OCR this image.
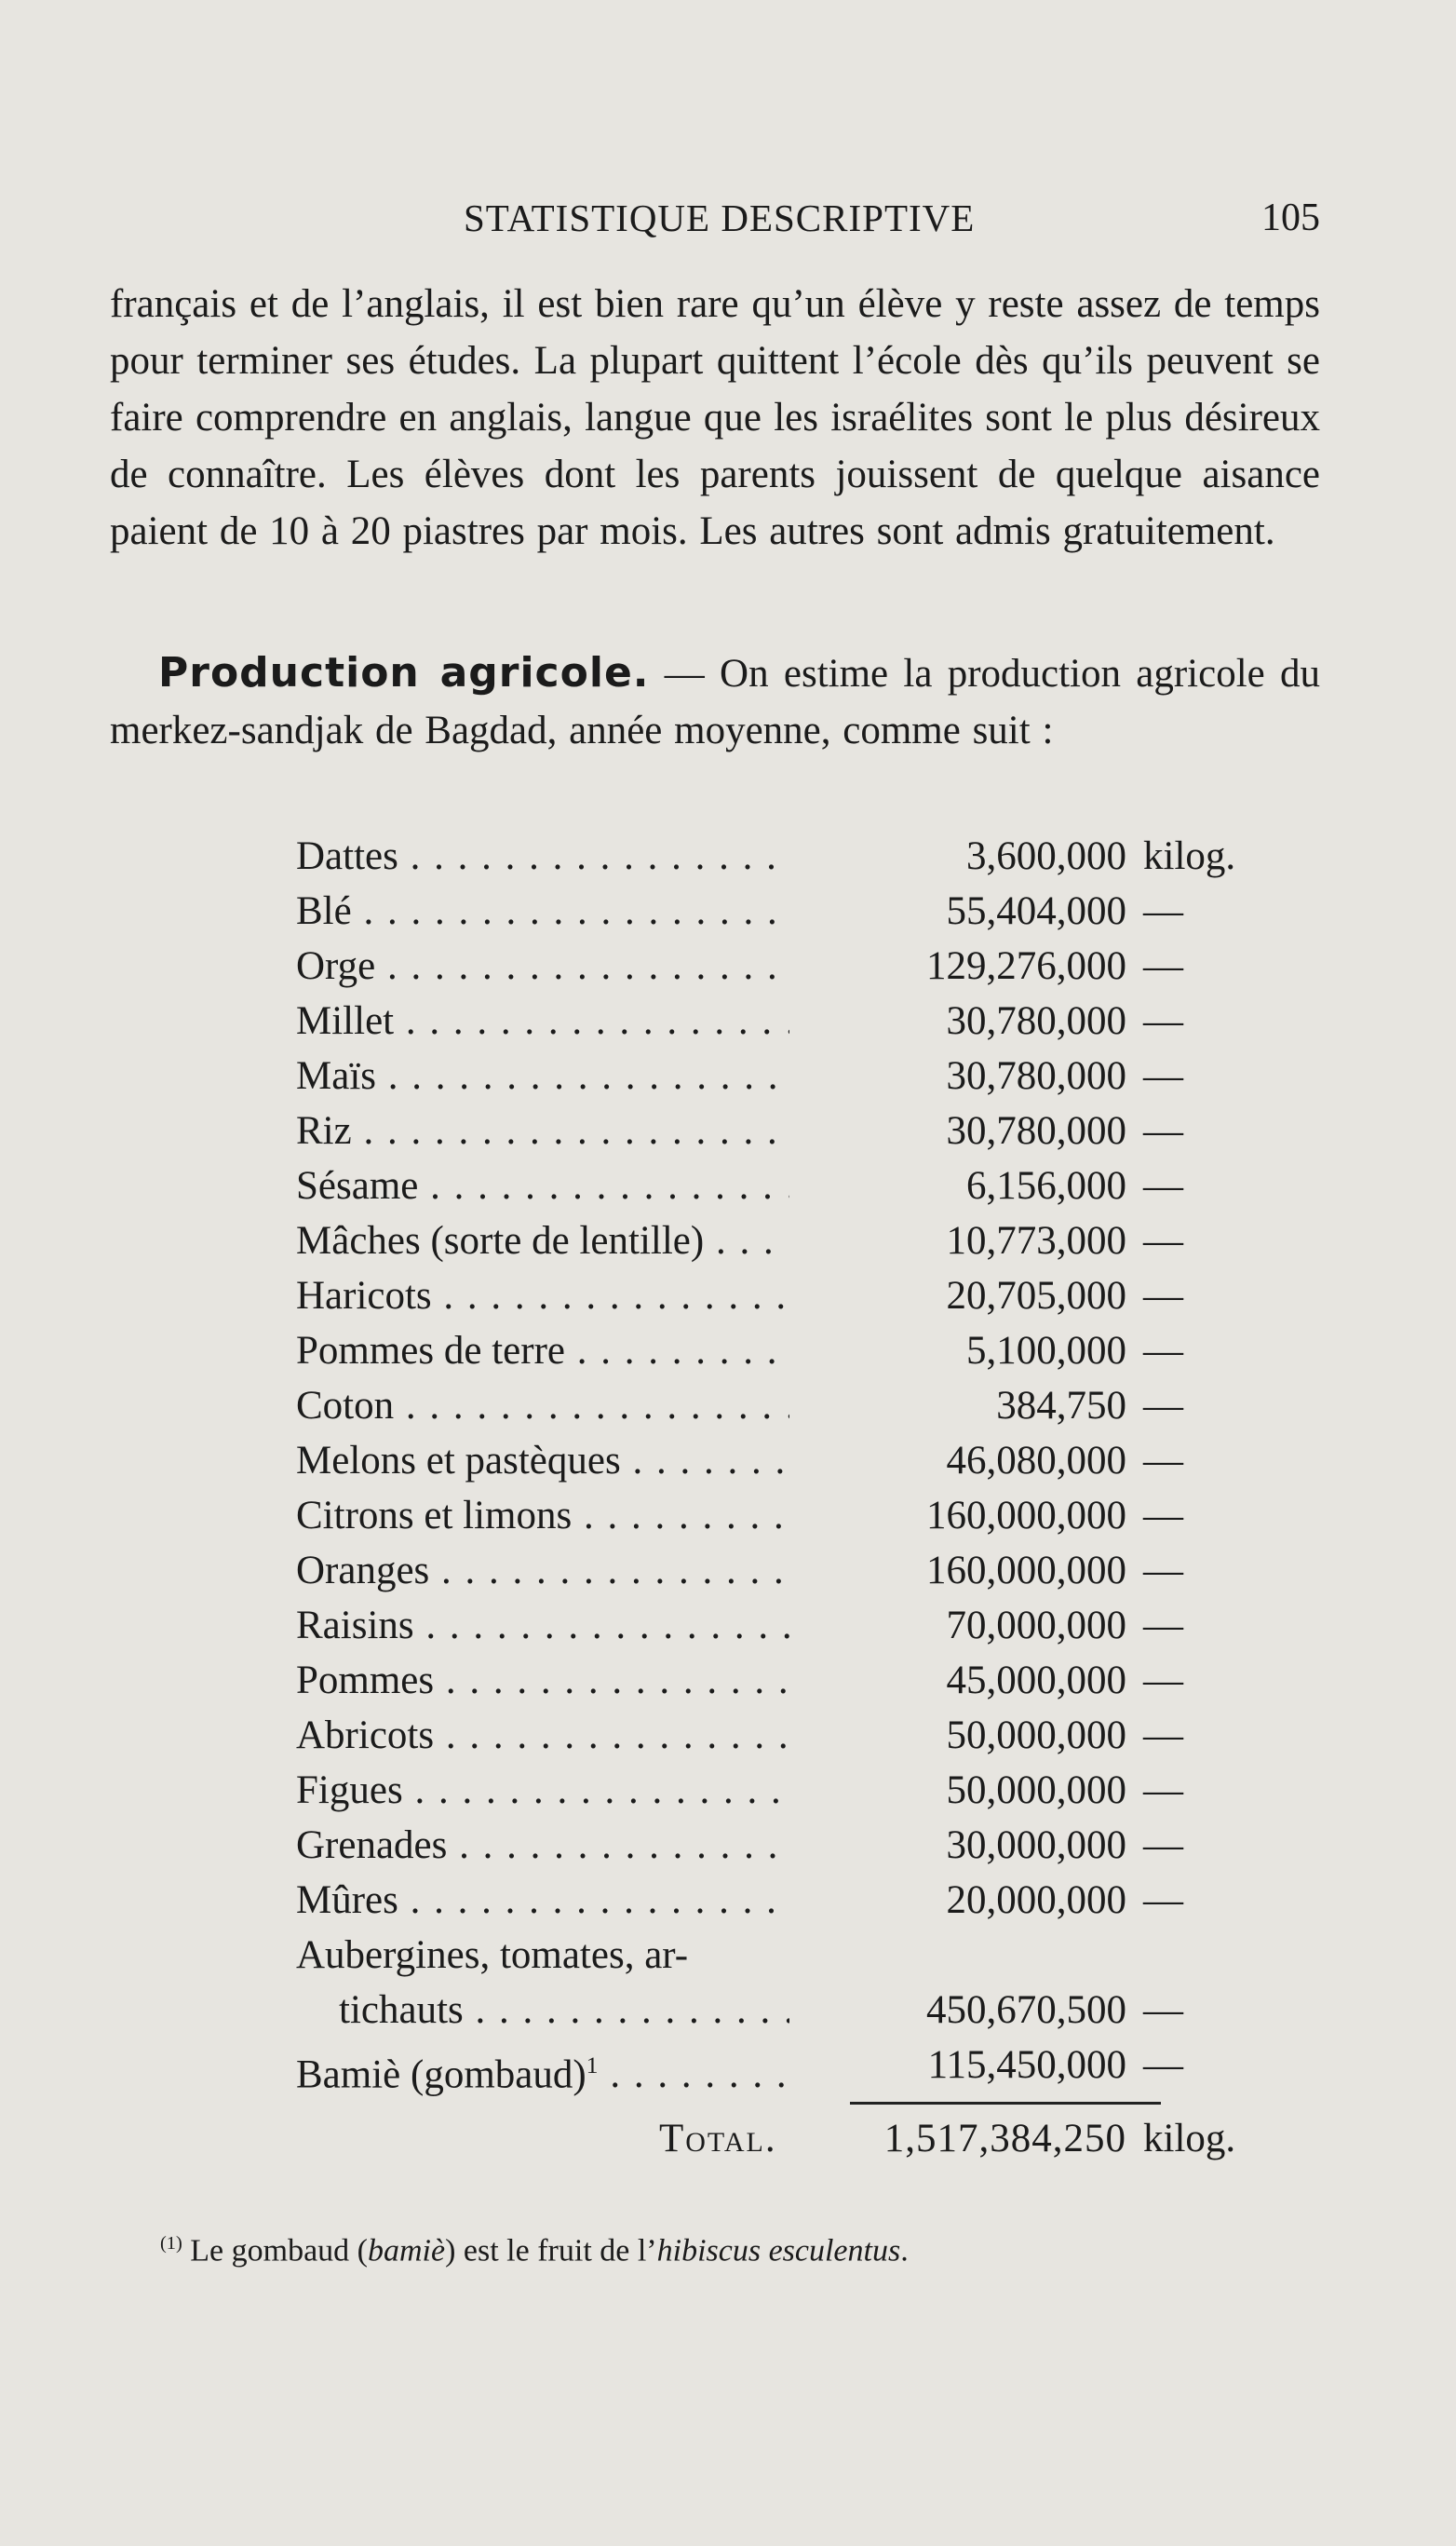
STATISTIQUE DESCRIPTIVE	105
français et de l’anglais, il est bien rare qu’un élève y reste assez de temps pour terminer ses études. La plupart quittent l’école dès qu’ils peuvent se faire comprendre en anglais, langue que les israélites sont le plus désireux de connaître. Les élèves dont les parents jouissent de quelque aisance paient de 10 à 20 piastres par mois. Les autres sont admis gratuitement.
Production agricole. — On estime la production agricole du merkez-sandjak de Bagdad, année moyenne, comme suit :
Dattes . . .	3,600,000 kilog.
Blé . . .	55,404,000 —
Orge . . .	129,276,000 —
Millet . . .	30,780,000 —
Maïs . . .	30,780,000 —
Riz . . .	30,780,000 —
Sésame . . .	6,156,000 —
Mâches (sorte de lentille) . . .	10,773,000 —
Haricots . . .	20,705,000 —
Pommes de terre . . .	5,100,000 —
Coton . . .	384,750 —
Melons et pastèques . . .	46,080,000 —
Citrons et limons . . .	160,000,000 —
Oranges . . .	160,000,000 —
Raisins . . .	70,000,000 —
Pommes . . .	45,000,000 —
Abricots . . .	50,000,000 —
Figues . . .	50,000,000 —
Grenades . . .	30,000,000 —
Mûres . . .	20,000,000 —
Aubergines, tomates, ar-
tichauts . . .	450,670,500 —
Bamiè (gombaud)$^1$ . . .	115,450,000 —
Total.	1,517,384,250 kilog.
$^{(1)}$ Le gombaud (bamiè) est le fruit de l’hibiscus esculentus.
